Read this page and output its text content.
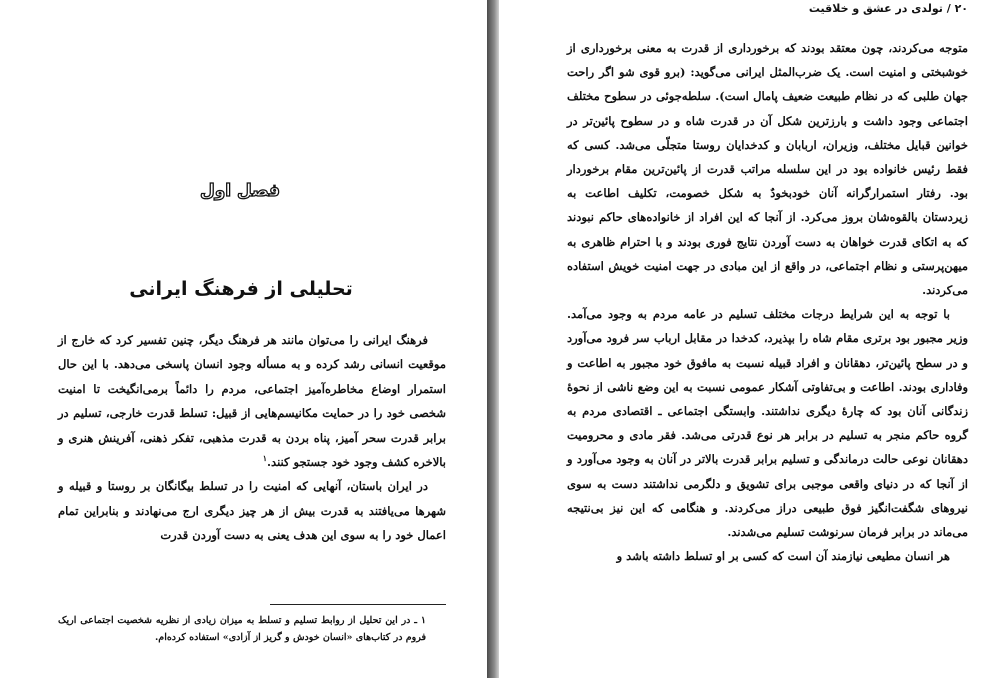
فصل اول
تحلیلی از فرهنگ ایرانی

فرهنگ ایرانی را می‌توان مانند هر فرهنگ دیگر، چنین تفسیر کرد که خارج از موقعیت انسانی رشد کرده و به مسأله وجود انسان پاسخی می‌دهد. با این حال استمرار اوضاع مخاطره‌آمیز اجتماعی، مردم را دائماً برمی‌انگیخت تا امنیت شخصی خود را در حمایت مکانیسم‌هایی از قبیل: تسلط قدرت خارجی، تسلیم در برابر قدرت سحر آمیز، پناه بردن به قدرت مذهبی، تفکر ذهنی، آفرینش هنری و بالاخره کشف وجود خود جستجو کنند.$^۱$

در ایران باستان، آنهایی که امنیت را در تسلط بیگانگان بر روستا و قبیله و شهرها می‌یافتند به قدرت بیش از هر چیز دیگری ارج می‌نهادند و بنابراین تمام اعمال خود را به سوی این هدف یعنی به دست آوردن قدرت

۱ ـ در این تحلیل از روابط تسلیم و تسلط به میزان زیادی از نظریه شخصیت اجتماعی اریک فروم در کتاب‌های «انسان خودش و گریز از آزادی» استفاده کرده‌ام.

۲۰ / تولدی در عشق و خلاقیت

متوجه می‌کردند، چون معتقد بودند که برخورداری از قدرت به معنی برخورداری از خوشبختی و امنیت است. یک ضرب‌المثل ایرانی می‌گوید: (برو قوی شو اگر راحت جهان طلبی که در نظام طبیعت ضعیف پامال است). سلطه‌جوئی در سطوح مختلف اجتماعی وجود داشت و بارزترین شکل آن در قدرت شاه و در سطوح پائین‌تر در خوانین قبایل مختلف، وزیران، اربابان و کدخدایان روستا متجلّی می‌شد. کسی که فقط رئیس خانواده بود در این سلسله مراتب قدرت از پائین‌ترین مقام برخوردار بود. رفتار استمرارگرانه آنان خودبخودٌ به شکل خصومت، تکلیف اطاعت به زیردستان بالقوه‌شان بروز می‌کرد. از آنجا که این افراد از خانواده‌های حاکم نبودند که به اتکای قدرت خواهان به دست آوردن نتایج فوری بودند و با احترام ظاهری به میهن‌پرستی و نظام اجتماعی، در واقع از این مبادی در جهت امنیت خویش استفاده می‌کردند.

با توجه به این شرایط درجات مختلف تسلیم در عامه مردم به وجود می‌آمد. وزیر مجبور بود برتری مقام شاه را بپذیرد، کدخدا در مقابل ارباب سر فرود می‌آورد و در سطح پائین‌تر، دهقانان و افراد قبیله نسبت به مافوق خود مجبور به اطاعت و وفاداری بودند. اطاعت و بی‌تفاوتی آشکار عمومی نسبت به این وضع ناشی از نحوهٔ زندگانی آنان بود که چارهٔ دیگری نداشتند. وابستگی اجتماعی ـ اقتصادی مردم به گروه حاکم منجر به تسلیم در برابر هر نوع قدرتی می‌شد. فقر مادی و محرومیت دهقانان نوعی حالت درماندگی و تسلیم برابر قدرت بالاتر در آنان به وجود می‌آورد و از آنجا که در دنیای واقعی موجبی برای تشویق و دلگرمی نداشتند دست به سوی نیروهای شگفت‌انگیز فوق طبیعی دراز می‌کردند. و هنگامی که این نیز بی‌نتیجه می‌ماند در برابر فرمان سرنوشت تسلیم می‌شدند.

هر انسان مطیعی نیازمند آن است که کسی بر او تسلط داشته باشد و
